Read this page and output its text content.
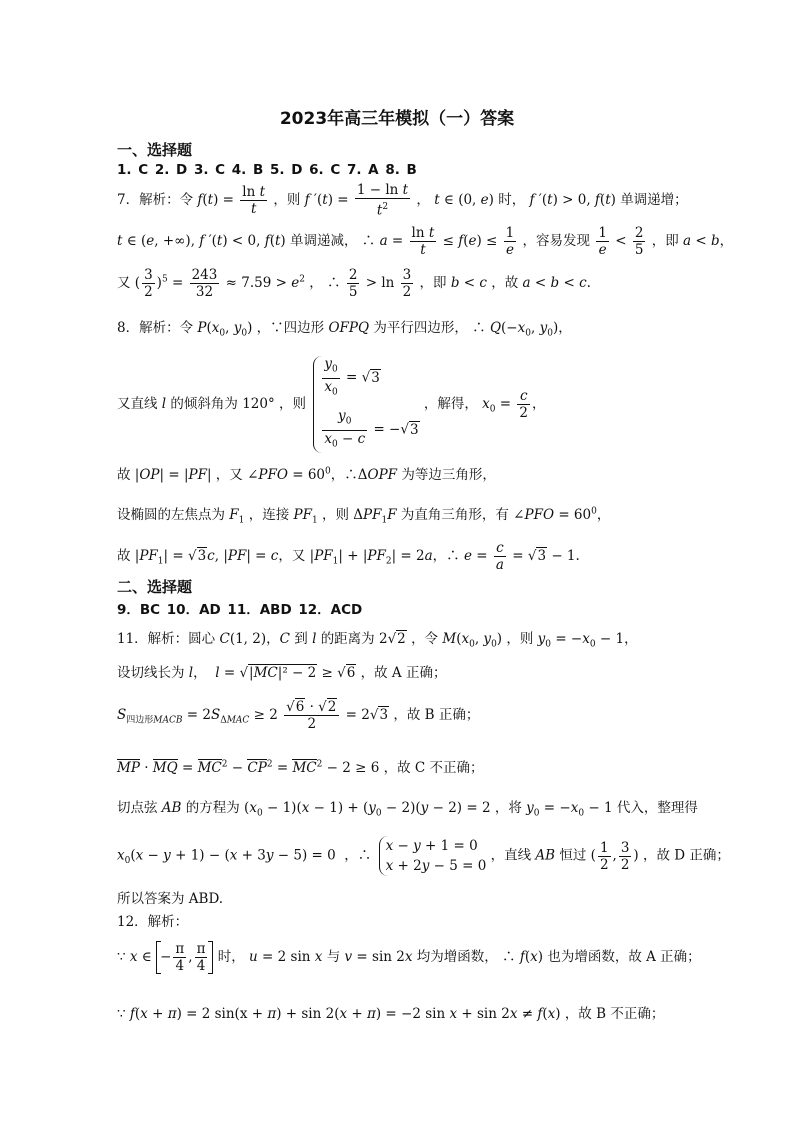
2023年高三年模拟（一）答案
一、选择题
1. C 2. D 3. C 4. B 5. D 6. C 7. A 8. B
7．解析：令 $f(t) = \frac{\text{ln t}}{t}$ ，则 f $'(t) = \frac{\text{1 − ln t}}{t^2}$ ， t ∈ (0, e) 时， f ′(t) > 0, f(t) 单调递增；
t ∈ (e, +∞), f ′(t) < 0, f(t) 单调递减， ∴ $a = \frac{\text{ln t}}{t} \le f(e) \le \frac{1}{e}$ ，容易发现 $\frac{1}{e} < \frac{2}{5}$ ，即 a < b，
又 ( $\frac{3}{2} )^5 = \frac{243}{32} \approx 7.59 > e^2$ ， ∴ $\frac{2}{5} > \ln \frac{3}{2}$ ，即 b < c ，故 a < b < c.
8．解析：令 $P(x_0$, $y_0$) ，∵四边形 OFPQ 为平行四边形， ∴ $Q(-x_0$, $y_0$)，
又直线 l 的倾斜角为 120° ，则
$\frac{y_0}{x_0} = √3$
$\frac{y_0}{x_0 - c} = -√3$
，解得， $x_0 = \frac{c}{2}$ ，
故 |OP| = |PF| ，又 ∠PFO = $60^0$，∴ΔOPF 为等边三角形，
设椭圆的左焦点为 $F_1$ ，连接 $PF_1$ ，则 $\Delta PF_1F$ 为直角三角形，有 ∠PFO = $60^0$，
故 $|PF_1| = √3c$, |PF| = c，又 $|PF_1| + |PF_2| = 2a$，∴ $e = \frac{c}{a} = √3 - 1$.
二、选择题
9．BC 10．AD 11．ABD 12．ACD
11．解析：圆心 C(1, 2)，C 到 l 的距离为 2√2 ，令 $M(x_0$, $y_0$) ，则 $y_0 = -x_0 - 1$，
设切线长为 l，  l = √|MC|² − 2 ≥ √6 ，故 A 正确；
$S_{四边形MACB} = 2S_{\Delta MAC} \ge 2 \frac{√6 \cdot √2}{2} = 2√3$ ，故 B 正确；
MP · MQ = $MC^2 - CP^2 = MC^2 - 2 \ge 6$ ，故 C 不正确；
切点弦 AB 的方程为 $(x_0 - 1)(x - 1) + (y_0 - 2)(y - 2) = 2$ ，将 $y_0 = -x_0 - 1$ 代入，整理得
$x_0(x - y + 1) - (x + 3y - 5) = 0$  ，∴
x − y + 1 = 0
x + 2y − 5 = 0
，直线 AB 恒过 ( $\frac{1}{2}$ , $\frac{3}{2}$ ) ，故 D 正确；
所以答案为 ABD.
12．解析：
∵ x ∈ − $\frac{\pi}{4}$ , $\frac{\pi}{4}$ 时， u = 2 sin x 与 v = sin 2x 均为增函数， ∴ f(x) 也为增函数，故 A 正确；
∵ f(x + π) = 2 sin(x + π) + sin 2(x + π) = −2 sin x + sin 2x ≠ f(x) ，故 B 不正确；
